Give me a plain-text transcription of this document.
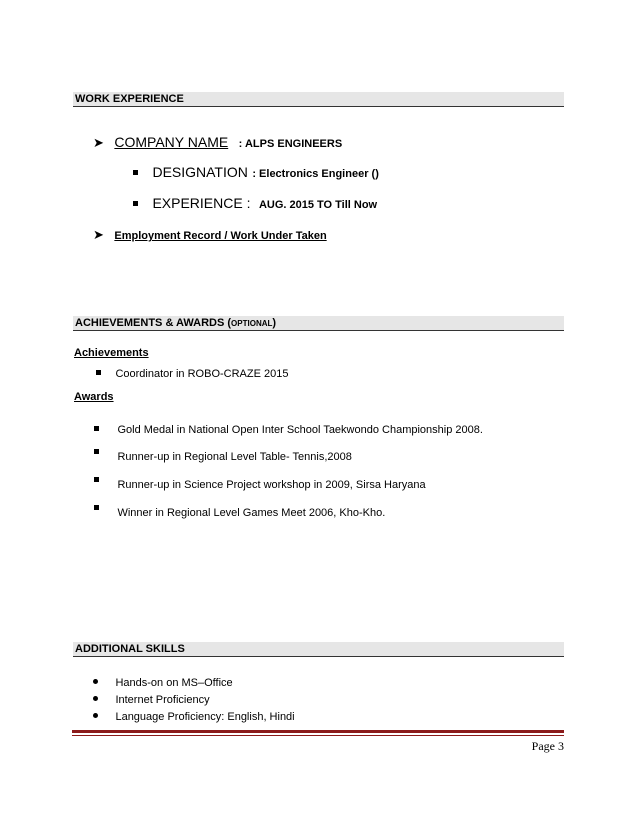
WORK EXPERIENCE
➤ COMPANY NAME : ALPS ENGINEERS
DESIGNATION : Electronics Engineer ()
EXPERIENCE : AUG. 2015 TO Till Now
➤ Employment Record / Work Under Taken
ACHIEVEMENTS & AWARDS (OPTIONAL)
Achievements
Coordinator in ROBO-CRAZE 2015
Awards
Gold Medal in National Open Inter School Taekwondo Championship 2008.
Runner-up in Regional Level Table- Tennis,2008
Runner-up in Science Project workshop in 2009, Sirsa Haryana
Winner in Regional Level Games Meet 2006, Kho-Kho.
ADDITIONAL SKILLS
Hands-on on MS–Office
Internet Proficiency
Language Proficiency: English, Hindi
Page 3
